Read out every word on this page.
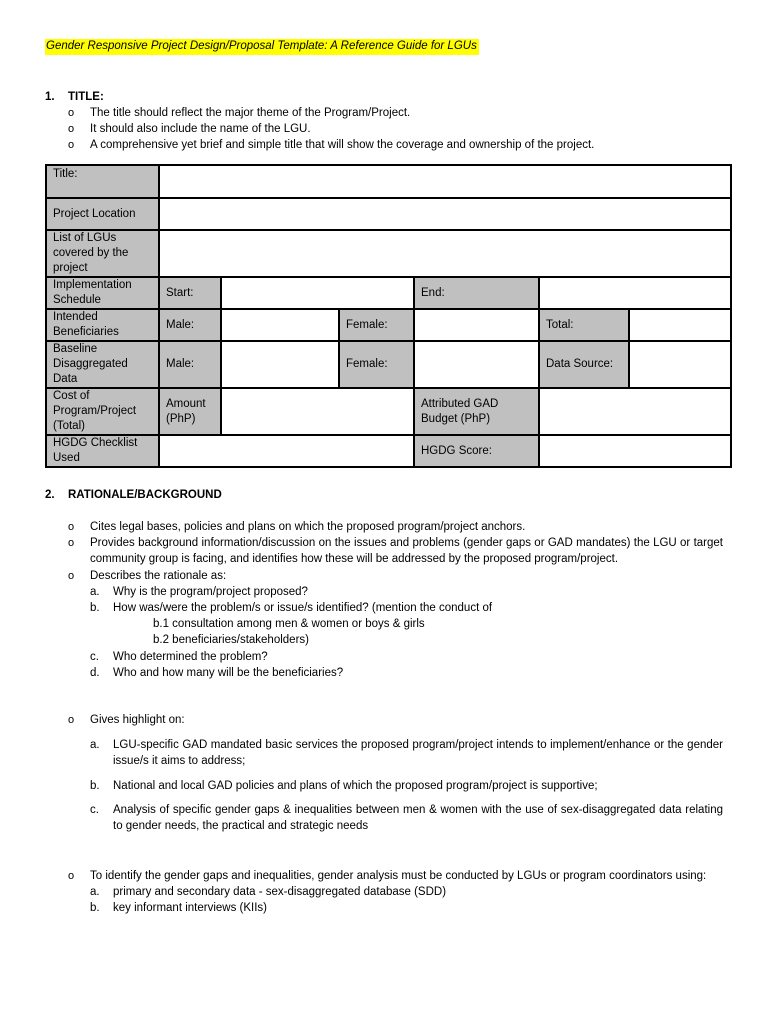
Gender Responsive Project Design/Proposal Template: A Reference Guide for LGUs
1. TITLE:
o The title should reflect the major theme of the Program/Project.
o It should also include the name of the LGU.
o A comprehensive yet brief and simple title that will show the coverage and ownership of the project.
Title:						
Project Location						
List of LGUs covered by the project						
Implementation Schedule	Start:			End:		
Intended Beneficiaries	Male:		Female:		Total:	
Baseline Disaggregated Data	Male:		Female:		Data Source:	
Cost of Program/Project (Total)	Amount (PhP)			Attributed GAD Budget (PhP)		
HGDG Checklist Used				HGDG Score:		
2. RATIONALE/BACKGROUND
o Cites legal bases, policies and plans on which the proposed program/project anchors.
o Provides background information/discussion on the issues and problems (gender gaps or GAD mandates) the LGU or target community group is facing, and identifies how these will be addressed by the proposed program/project.
o Describes the rationale as:
a. Why is the program/project proposed?
b. How was/were the problem/s or issue/s identified? (mention the conduct of
b.1 consultation among men & women or boys & girls
b.2 beneficiaries/stakeholders)
c. Who determined the problem?
d. Who and how many will be the beneficiaries?
o Gives highlight on:
a. LGU-specific GAD mandated basic services the proposed program/project intends to implement/enhance or the gender issue/s it aims to address;
b. National and local GAD policies and plans of which the proposed program/project is supportive;
c. Analysis of specific gender gaps & inequalities between men & women with the use of sex-disaggregated data relating to gender needs, the practical and strategic needs
o To identify the gender gaps and inequalities, gender analysis must be conducted by LGUs or program coordinators using:
a. primary and secondary data - sex-disaggregated database (SDD)
b. key informant interviews (KIIs)
